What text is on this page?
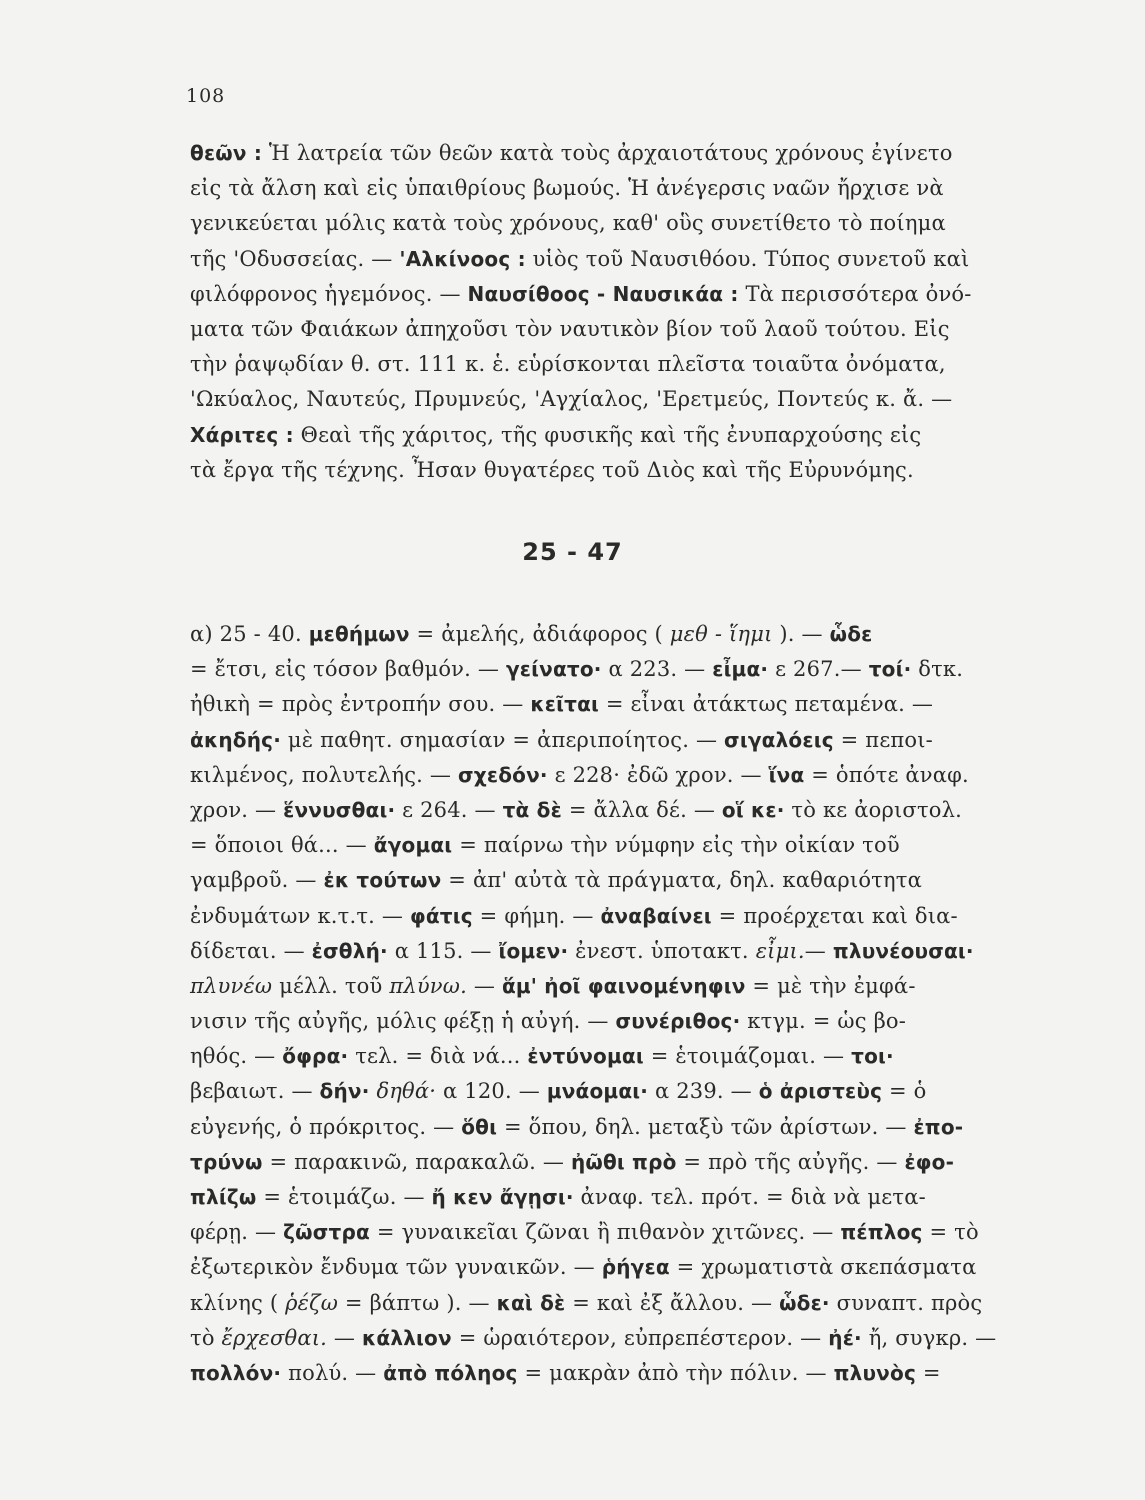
108
θεῶν : Ἡ λατρεία τῶν θεῶν κατὰ τοὺς ἀρχαιοτάτους χρόνους ἐγίνετο
εἰς τὰ ἄλση καὶ εἰς ὑπαιθρίους βωμούς. Ἡ ἀνέγερσις ναῶν ἤρχισε νὰ
γενικεύεται μόλις κατὰ τοὺς χρόνους, καθ' οὓς συνετίθετο τὸ ποίημα
τῆς 'Οδυσσείας. — 'Αλκίνοος : υἱὸς τοῦ Ναυσιθόου. Τύπος συνετοῦ καὶ
φιλόφρονος ἡγεμόνος. — Ναυσίθοος - Ναυσικάα : Τὰ περισσότερα ὀνό-
ματα τῶν Φαιάκων ἀπηχοῦσι τὸν ναυτικὸν βίον τοῦ λαοῦ τούτου. Εἰς
τὴν ῥαψῳδίαν θ. στ. 111 κ. ἑ. εὑρίσκονται πλεῖστα τοιαῦτα ὀνόματα,
'Ωκύαλος, Ναυτεύς, Πρυμνεύς, 'Αγχίαλος, 'Ερετμεύς, Ποντεύς κ. ἄ. —
Χάριτες : Θεαὶ τῆς χάριτος, τῆς φυσικῆς καὶ τῆς ἐνυπαρχούσης εἰς
τὰ ἔργα τῆς τέχνης. Ἦσαν θυγατέρες τοῦ Διὸς καὶ τῆς Εὐρυνόμης.
25 - 47
α) 25 - 40. μεθήμων = ἀμελής, ἀδιάφορος ( μεθ - ἵημι ). — ὧδε
= ἔτσι, εἰς τόσον βαθμόν. — γείνατο· α 223. — εἶμα· ε 267.— τοί· δτκ.
ἠθικὴ = πρὸς ἐντροπήν σου. — κεῖται = εἶναι ἀτάκτως πεταμένα. —
ἀκηδής· μὲ παθητ. σημασίαν = ἀπεριποίητος. — σιγαλόεις = πεποι-
κιλμένος, πολυτελής. — σχεδόν· ε 228· ἐδῶ χρον. — ἵνα = ὁπότε ἀναφ.
χρον. — ἕννυσθαι· ε 264. — τὰ δὲ = ἄλλα δέ. — οἵ κε· τὸ κε ἀοριστολ.
= ὅποιοι θά... — ἄγομαι = παίρνω τὴν νύμφην εἰς τὴν οἰκίαν τοῦ
γαμβροῦ. — ἐκ τούτων = ἀπ' αὐτὰ τὰ πράγματα, δηλ. καθαριότητα
ἐνδυμάτων κ.τ.τ. — φάτις = φήμη. — ἀναβαίνει = προέρχεται καὶ δια-
δίδεται. — ἐσθλή· α 115. — ἴομεν· ἐνεστ. ὑποτακτ. εἶμι.— πλυνέουσαι·
πλυνέω μέλλ. τοῦ πλύνω. — ἅμ' ἠοῖ φαινομένηφιν = μὲ τὴν ἐμφά-
νισιν τῆς αὐγῆς, μόλις φέξῃ ἡ αὐγή. — συνέριθος· κτγμ. = ὡς βο-
ηθός. — ὄφρα· τελ. = διὰ νά... ἐντύνομαι = ἑτοιμάζομαι. — τοι·
βεβαιωτ. — δήν· δηθά· α 120. — μνάομαι· α 239. — ὁ ἀριστεὺς = ὁ
εὐγενής, ὁ πρόκριτος. — ὅθι = ὅπου, δηλ. μεταξὺ τῶν ἀρίστων. — ἐπο-
τρύνω = παρακινῶ, παρακαλῶ. — ἠῶθι πρὸ = πρὸ τῆς αὐγῆς. — ἐφο-
πλίζω = ἑτοιμάζω. — ἤ κεν ἄγῃσι· ἀναφ. τελ. πρότ. = διὰ νὰ μετα-
φέρῃ. — ζῶστρα = γυναικεῖαι ζῶναι ἢ πιθανὸν χιτῶνες. — πέπλος = τὸ
ἐξωτερικὸν ἔνδυμα τῶν γυναικῶν. — ῥήγεα = χρωματιστὰ σκεπάσματα
κλίνης ( ῥέζω = βάπτω ). — καὶ δὲ = καὶ ἐξ ἄλλου. — ὧδε· συναπτ. πρὸς
τὸ ἔρχεσθαι. — κάλλιον = ὡραιότερον, εὐπρεπέστερον. — ἠέ· ἤ, συγκρ. —
πολλόν· πολύ. — ἀπὸ πόληος = μακρὰν ἀπὸ τὴν πόλιν. — πλυνὸς =
